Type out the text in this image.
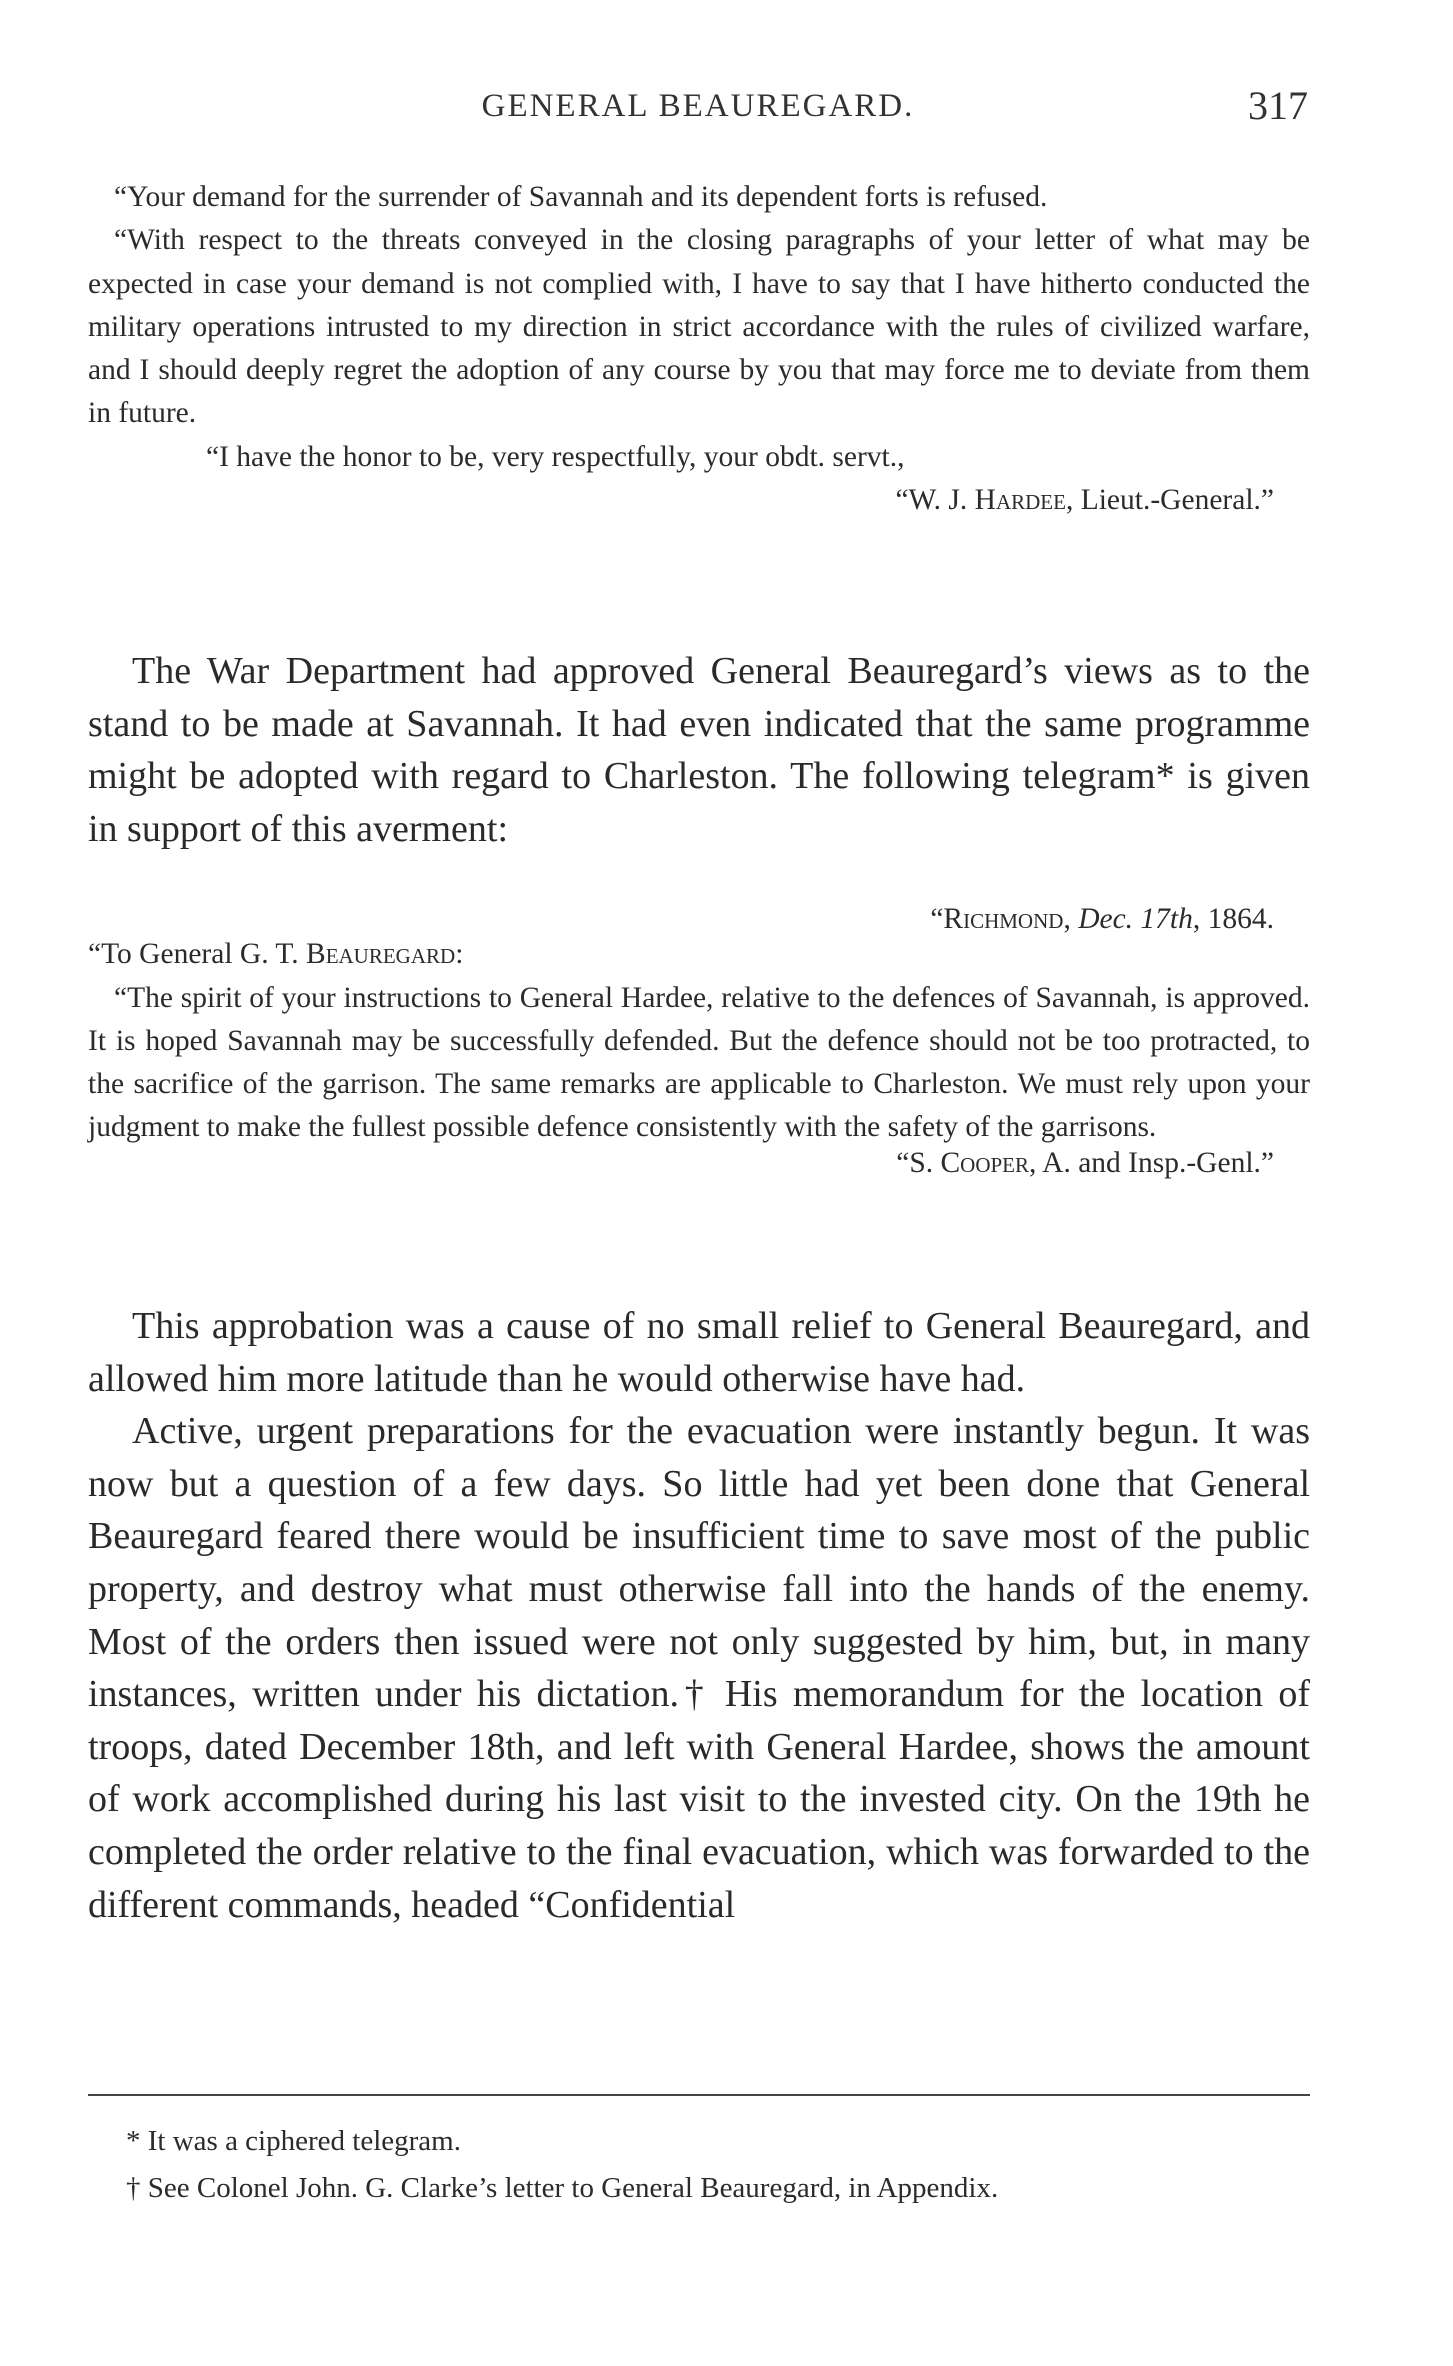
GENERAL BEAUREGARD.	317

“Your demand for the surrender of Savannah and its dependent forts is refused.

“With respect to the threats conveyed in the closing paragraphs of your letter of what may be expected in case your demand is not complied with, I have to say that I have hitherto conducted the military operations intrusted to my direction in strict accordance with the rules of civilized warfare, and I should deeply regret the adoption of any course by you that may force me to deviate from them in future.

“I have the honor to be, very respectfully, your obdt. servt.,

“W. J. Hardee, Lieut.-General.”

The War Department had approved General Beauregard’s views as to the stand to be made at Savannah. It had even indicated that the same programme might be adopted with regard to Charleston. The following telegram* is given in support of this averment:

“Richmond, Dec. 17th, 1864.

“To General G. T. Beauregard:

“The spirit of your instructions to General Hardee, relative to the defences of Savannah, is approved. It is hoped Savannah may be successfully defended. But the defence should not be too protracted, to the sacrifice of the garrison. The same remarks are applicable to Charleston. We must rely upon your judgment to make the fullest possible defence consistently with the safety of the garrisons.

“S. Cooper, A. and Insp.-Genl.”

This approbation was a cause of no small relief to General Beauregard, and allowed him more latitude than he would otherwise have had.

Active, urgent preparations for the evacuation were instantly begun. It was now but a question of a few days. So little had yet been done that General Beauregard feared there would be insufficient time to save most of the public property, and destroy what must otherwise fall into the hands of the enemy. Most of the orders then issued were not only suggested by him, but, in many instances, written under his dictation.† His memorandum for the location of troops, dated December 18th, and left with General Hardee, shows the amount of work accomplished during his last visit to the invested city. On the 19th he completed the order relative to the final evacuation, which was forwarded to the different commands, headed “Confidential

* It was a ciphered telegram.

† See Colonel John. G. Clarke’s letter to General Beauregard, in Appendix.
